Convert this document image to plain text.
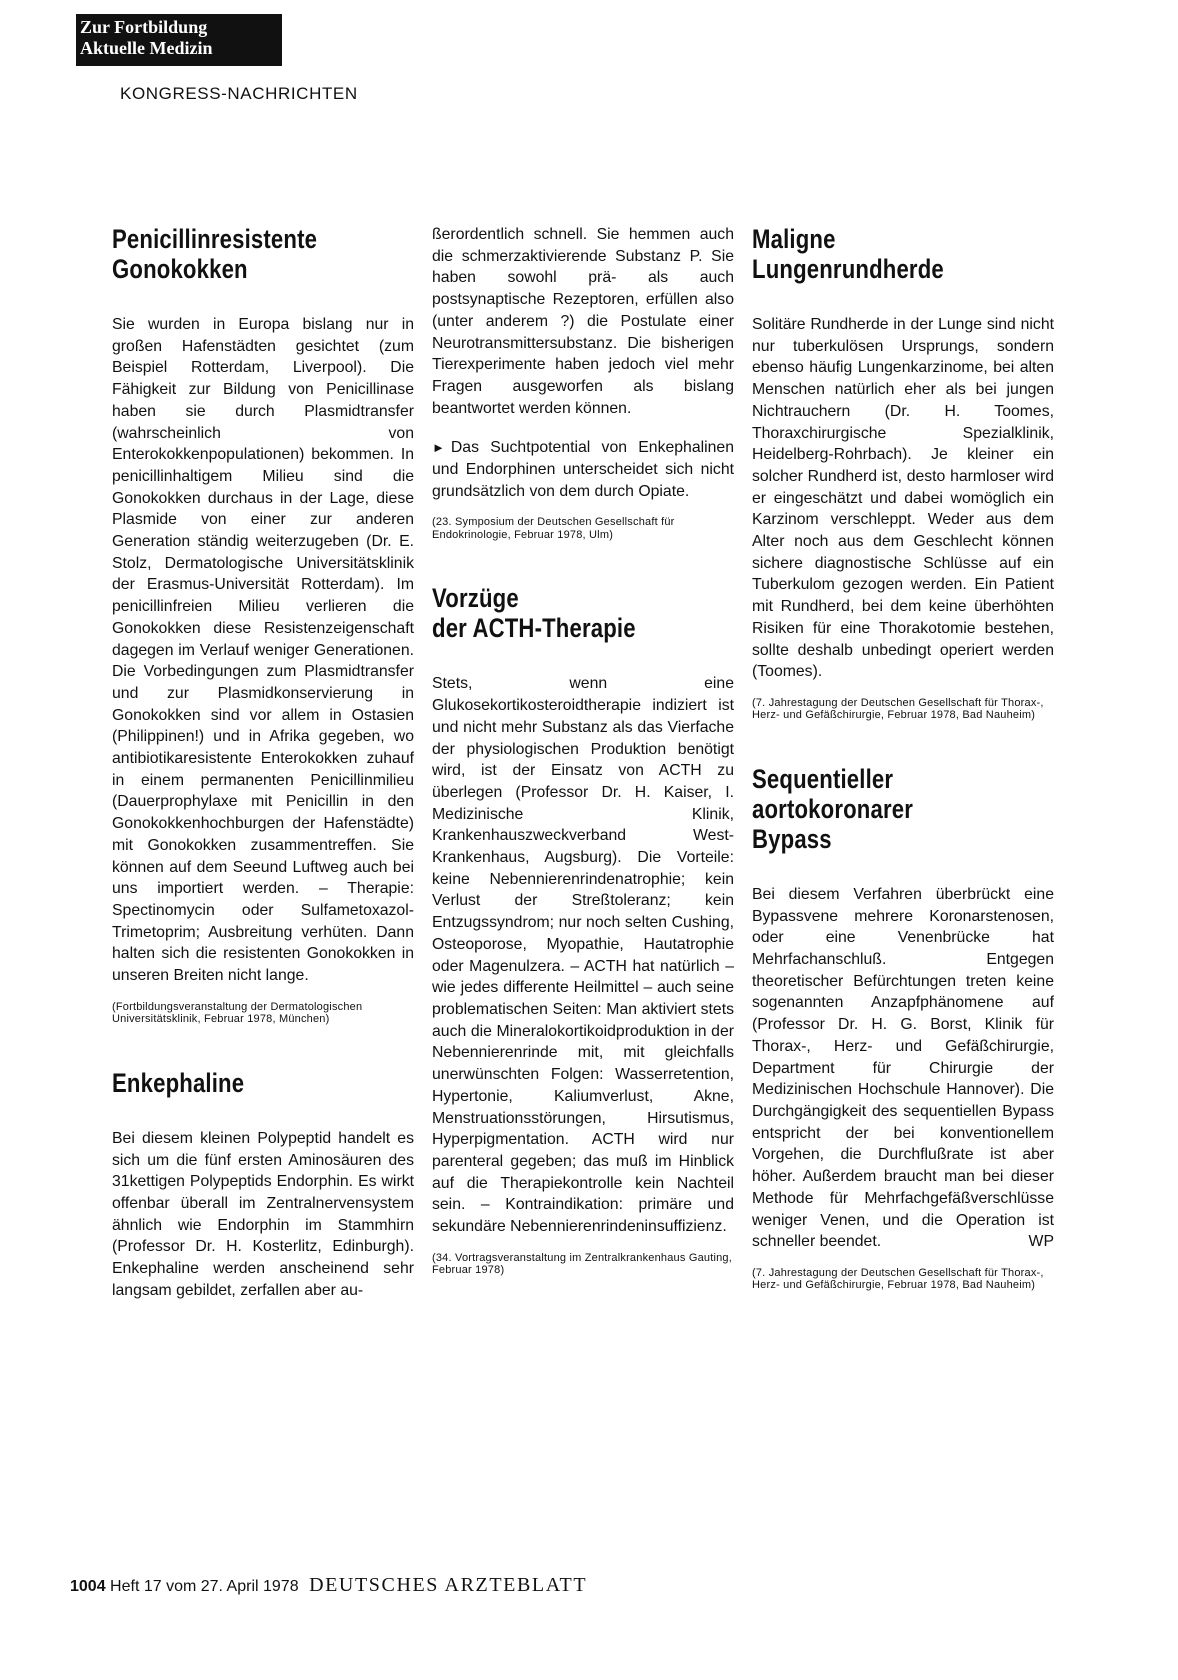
Zur Fortbildung
Aktuelle Medizin
KONGRESS-NACHRICHTEN
Penicillinresistente
Gonokokken

Sie wurden in Europa bislang nur in großen Hafenstädten gesichtet (zum Beispiel Rotterdam, Liverpool). Die Fähigkeit zur Bildung von Penicillinase haben sie durch Plasmidtransfer (wahrscheinlich von Enterokokkenpopulationen) bekommen. In penicillinhaltigem Milieu sind die Gonokokken durchaus in der Lage, diese Plasmide von einer zur anderen Generation ständig weiterzugeben (Dr. E. Stolz, Dermatologische Universitätsklinik der Erasmus-Universität Rotterdam). Im penicillinfreien Milieu verlieren die Gonokokken diese Resistenzeigenschaft dagegen im Verlauf weniger Generationen. Die Vorbedingungen zum Plasmidtransfer und zur Plasmidkonservierung in Gonokokken sind vor allem in Ostasien (Philippinen!) und in Afrika gegeben, wo antibiotikaresistente Enterokokken zuhauf in einem permanenten Penicillinmilieu (Dauerprophylaxe mit Penicillin in den Gonokokkenhochburgen der Hafenstädte) mit Gonokokken zusammentreffen. Sie können auf dem Seeund Luftweg auch bei uns importiert werden. – Therapie: Spectinomycin oder Sulfametoxazol-Trimetoprim; Ausbreitung verhüten. Dann halten sich die resistenten Gonokokken in unseren Breiten nicht lange.

(Fortbildungsveranstaltung der Dermatologischen Universitätsklinik, Februar 1978, München)

Enkephaline

Bei diesem kleinen Polypeptid handelt es sich um die fünf ersten Aminosäuren des 31kettigen Polypeptids Endorphin. Es wirkt offenbar überall im Zentralnervensystem ähnlich wie Endorphin im Stammhirn (Professor Dr. H. Kosterlitz, Edinburgh). Enkephaline werden anscheinend sehr langsam gebildet, zerfallen aber au-

ßerordentlich schnell. Sie hemmen auch die schmerzaktivierende Substanz P. Sie haben sowohl prä- als auch postsynaptische Rezeptoren, erfüllen also (unter anderem ?) die Postulate einer Neurotransmittersubstanz. Die bisherigen Tierexperimente haben jedoch viel mehr Fragen ausgeworfen als bislang beantwortet werden können.

► Das Suchtpotential von Enkephalinen und Endorphinen unterscheidet sich nicht grundsätzlich von dem durch Opiate.

(23. Symposium der Deutschen Gesellschaft für Endokrinologie, Februar 1978, Ulm)

Vorzüge
der ACTH-Therapie

Stets, wenn eine Glukosekortikosteroidtherapie indiziert ist und nicht mehr Substanz als das Vierfache der physiologischen Produktion benötigt wird, ist der Einsatz von ACTH zu überlegen (Professor Dr. H. Kaiser, I. Medizinische Klinik, Krankenhauszweckverband West-Krankenhaus, Augsburg). Die Vorteile: keine Nebennierenrindenatrophie; kein Verlust der Streßtoleranz; kein Entzugssyndrom; nur noch selten Cushing, Osteoporose, Myopathie, Hautatrophie oder Magenulzera. – ACTH hat natürlich – wie jedes differente Heilmittel – auch seine problematischen Seiten: Man aktiviert stets auch die Mineralokortikoidproduktion in der Nebennierenrinde mit, mit gleichfalls unerwünschten Folgen: Wasserretention, Hypertonie, Kaliumverlust, Akne, Menstruationsstörungen, Hirsutismus, Hyperpigmentation. ACTH wird nur parenteral gegeben; das muß im Hinblick auf die Therapiekontrolle kein Nachteil sein. – Kontraindikation: primäre und sekundäre Nebennierenrindeninsuffizienz.

(34. Vortragsveranstaltung im Zentralkrankenhaus Gauting, Februar 1978)

Maligne
Lungenrundherde

Solitäre Rundherde in der Lunge sind nicht nur tuberkulösen Ursprungs, sondern ebenso häufig Lungenkarzinome, bei alten Menschen natürlich eher als bei jungen Nichtrauchern (Dr. H. Toomes, Thoraxchirurgische Spezialklinik, Heidelberg-Rohrbach). Je kleiner ein solcher Rundherd ist, desto harmloser wird er eingeschätzt und dabei womöglich ein Karzinom verschleppt. Weder aus dem Alter noch aus dem Geschlecht können sichere diagnostische Schlüsse auf ein Tuberkulom gezogen werden. Ein Patient mit Rundherd, bei dem keine überhöhten Risiken für eine Thorakotomie bestehen, sollte deshalb unbedingt operiert werden (Toomes).

(7. Jahrestagung der Deutschen Gesellschaft für Thorax-, Herz- und Gefäßchirurgie, Februar 1978, Bad Nauheim)

Sequentieller
aortokoronarer
Bypass

Bei diesem Verfahren überbrückt eine Bypassvene mehrere Koronarstenosen, oder eine Venenbrücke hat Mehrfachanschluß. Entgegen theoretischer Befürchtungen treten keine sogenannten Anzapfphänomene auf (Professor Dr. H. G. Borst, Klinik für Thorax-, Herz- und Gefäßchirurgie, Department für Chirurgie der Medizinischen Hochschule Hannover). Die Durchgängigkeit des sequentiellen Bypass entspricht der bei konventionellem Vorgehen, die Durchflußrate ist aber höher. Außerdem braucht man bei dieser Methode für Mehrfachgefäßverschlüsse weniger Venen, und die Operation ist schneller beendet.	WP

(7. Jahrestagung der Deutschen Gesellschaft für Thorax-, Herz- und Gefäßchirurgie, Februar 1978, Bad Nauheim)

1004 Heft 17 vom 27. April 1978 DEUTSCHES ARZTEBLATT
